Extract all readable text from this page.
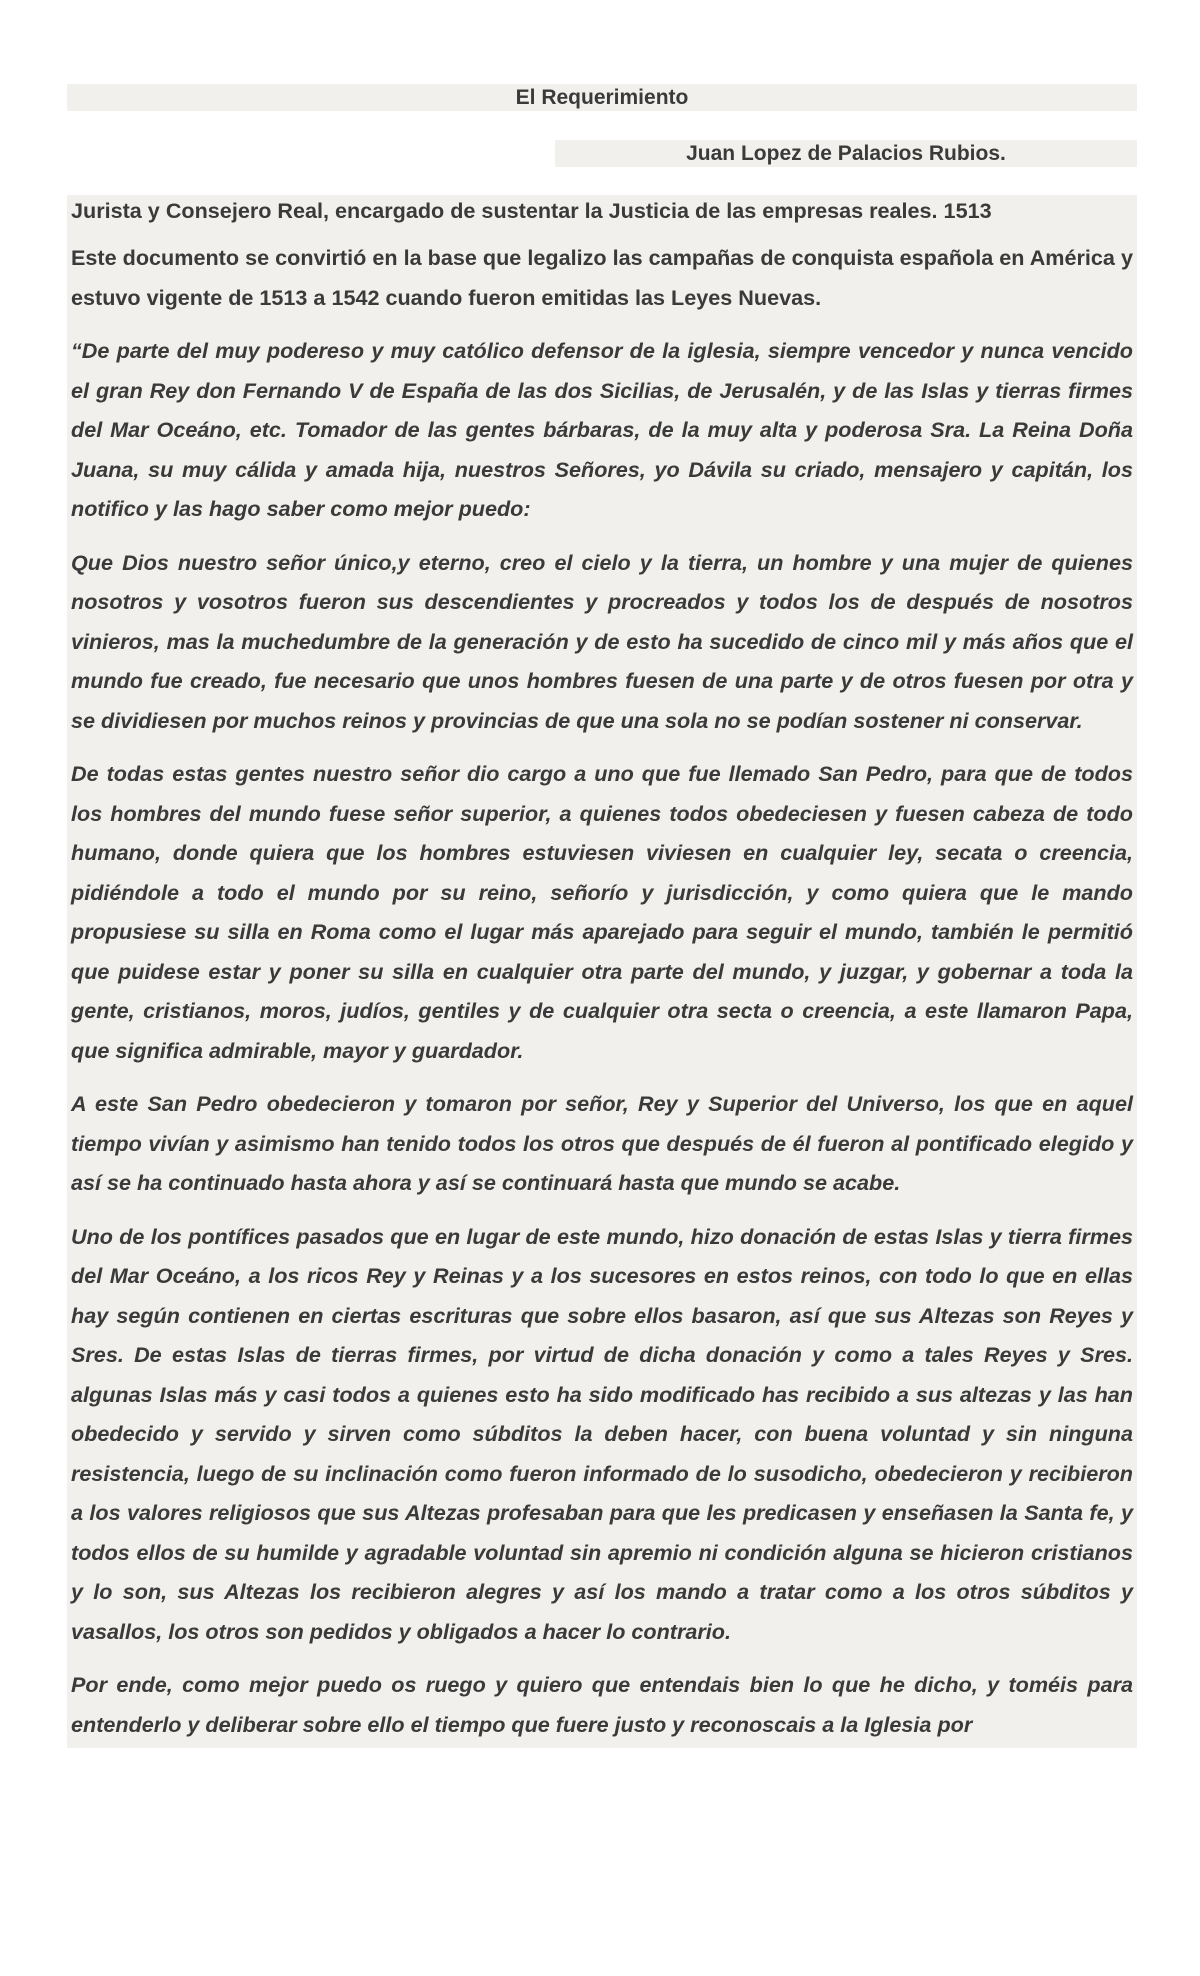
El Requerimiento
Juan Lopez de Palacios Rubios.

Jurista y Consejero Real, encargado de sustentar la Justicia de las empresas reales. 1513

Este documento se convirtió en la base que legalizo las campañas de conquista española en América y estuvo vigente de 1513 a 1542 cuando fueron emitidas las Leyes Nuevas.

“De parte del muy podereso y muy católico defensor de la iglesia, siempre vencedor y nunca vencido el gran Rey don Fernando V de España de las dos Sicilias, de Jerusalén, y de las Islas y tierras firmes del Mar Oceáno, etc. Tomador de las gentes bárbaras, de la muy alta y poderosa Sra. La Reina Doña Juana, su muy cálida y amada hija, nuestros Señores, yo Dávila su criado, mensajero y capitán, los notifico y las hago saber como mejor puedo:

Que Dios nuestro señor único,y eterno, creo el cielo y la tierra, un hombre y una mujer de quienes nosotros y vosotros fueron sus descendientes y procreados y todos los de después de nosotros vinieros, mas la muchedumbre de la generación y de esto ha sucedido de cinco mil y más años que el mundo fue creado, fue necesario que unos hombres fuesen de una parte y de otros fuesen por otra y se dividiesen por muchos reinos y provincias de que una sola no se podían sostener ni conservar.

De todas estas gentes nuestro señor dio cargo a uno que fue llemado San Pedro, para que de todos los hombres del mundo fuese señor superior, a quienes todos obedeciesen y fuesen cabeza de todo humano, donde quiera que los hombres estuviesen viviesen en cualquier ley, secata o creencia, pidiéndole a todo el mundo por su reino, señorío y jurisdicción, y como quiera que le mando propusiese su silla en Roma como el lugar más aparejado para seguir el mundo, también le permitió que puidese estar y poner su silla en cualquier otra parte del mundo, y juzgar, y gobernar a toda la gente, cristianos, moros, judíos, gentiles y de cualquier otra secta o creencia, a este llamaron Papa, que significa admirable, mayor y guardador.

A este San Pedro obedecieron y tomaron por señor, Rey y Superior del Universo, los que en aquel tiempo vivían y asimismo han tenido todos los otros que después de él fueron al pontificado elegido y así se ha continuado hasta ahora y así se continuará hasta que mundo se acabe.

Uno de los pontífices pasados que en lugar de este mundo, hizo donación de estas Islas y tierra firmes del Mar Oceáno, a los ricos Rey y Reinas y a los sucesores en estos reinos, con todo lo que en ellas hay según contienen en ciertas escrituras que sobre ellos basaron, así que sus Altezas son Reyes y Sres. De estas Islas de tierras firmes, por virtud de dicha donación y como a tales Reyes y Sres. algunas Islas más y casi todos a quienes esto ha sido modificado has recibido a sus altezas y las han obedecido y servido y sirven como súbditos la deben hacer, con buena voluntad y sin ninguna resistencia, luego de su inclinación como fueron informado de lo susodicho, obedecieron y recibieron a los valores religiosos que sus Altezas profesaban para que les predicasen y enseñasen la Santa fe, y todos ellos de su humilde y agradable voluntad sin apremio ni condición alguna se hicieron cristianos y lo son, sus Altezas los recibieron alegres y así los mando a tratar como a los otros súbditos y vasallos, los otros son pedidos y obligados a hacer lo contrario.

Por ende, como mejor puedo os ruego y quiero que entendais bien lo que he dicho, y toméis para entenderlo y deliberar sobre ello el tiempo que fuere justo y reconoscais a la Iglesia por
